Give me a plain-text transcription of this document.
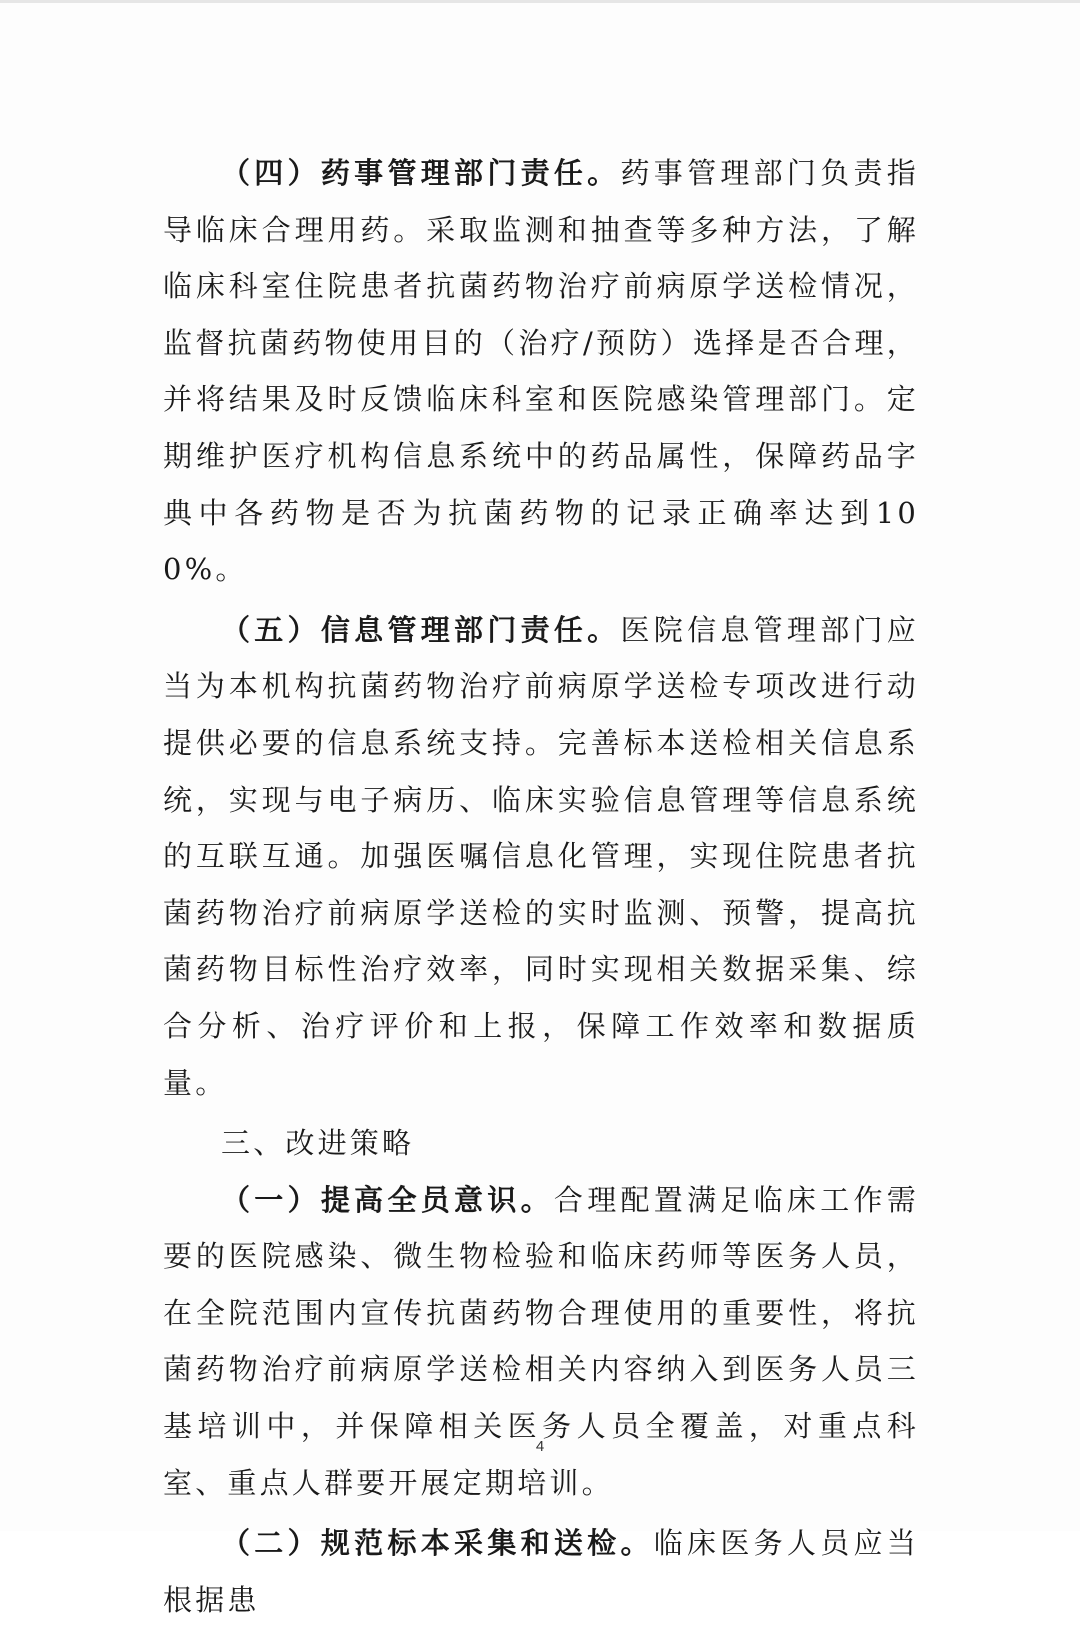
（四）药事管理部门责任。药事管理部门负责指导临床合理用药。采取监测和抽查等多种方法，了解临床科室住院患者抗菌药物治疗前病原学送检情况，监督抗菌药物使用目的（治疗/预防）选择是否合理，并将结果及时反馈临床科室和医院感染管理部门。定期维护医疗机构信息系统中的药品属性，保障药品字典中各药物是否为抗菌药物的记录正确率达到100%。

（五）信息管理部门责任。医院信息管理部门应当为本机构抗菌药物治疗前病原学送检专项改进行动提供必要的信息系统支持。完善标本送检相关信息系统，实现与电子病历、临床实验信息管理等信息系统的互联互通。加强医嘱信息化管理，实现住院患者抗菌药物治疗前病原学送检的实时监测、预警，提高抗菌药物目标性治疗效率，同时实现相关数据采集、综合分析、治疗评价和上报，保障工作效率和数据质量。

三、改进策略

（一）提高全员意识。合理配置满足临床工作需要的医院感染、微生物检验和临床药师等医务人员，在全院范围内宣传抗菌药物合理使用的重要性，将抗菌药物治疗前病原学送检相关内容纳入到医务人员三基培训中，并保障相关医务人员全覆盖，对重点科室、重点人群要开展定期培训。

（二）规范标本采集和送检。临床医务人员应当根据患

4
